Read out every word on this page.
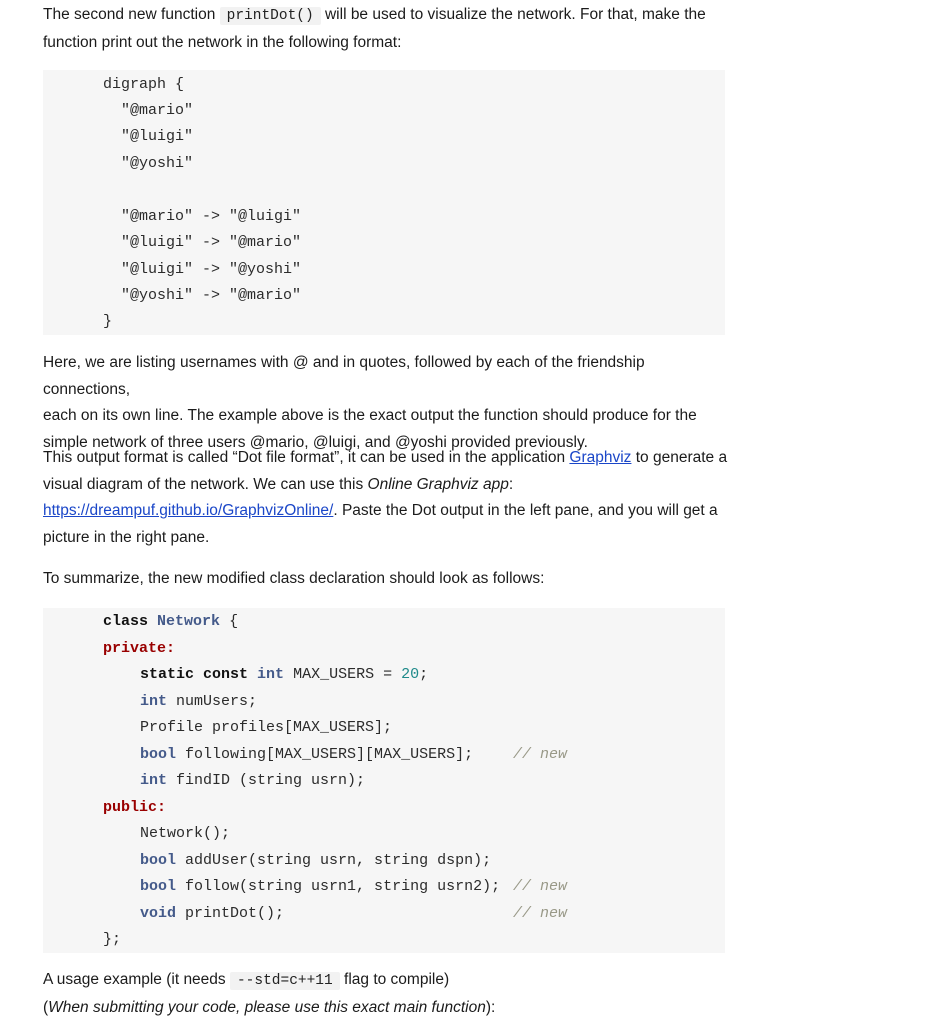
The second new function printDot() will be used to visualize the network. For that, make the
function print out the network in the following format:

digraph {
"@mario"
"@luigi"
"@yoshi"
"@mario" -> "@luigi"
"@luigi" -> "@mario"
"@luigi" -> "@yoshi"
"@yoshi" -> "@mario"
}

Here, we are listing usernames with @ and in quotes, followed by each of the friendship connections,
each on its own line. The example above is the exact output the function should produce for the
simple network of three users @mario, @luigi, and @yoshi provided previously.

This output format is called “Dot file format”, it can be used in the application Graphviz to generate a
visual diagram of the network. We can use this Online Graphviz app:
https://dreampuf.github.io/GraphvizOnline/. Paste the Dot output in the left pane, and you will get a
picture in the right pane.

To summarize, the new modified class declaration should look as follows:

class Network {
private:
static const int MAX_USERS = 20;
int numUsers;
Profile profiles[MAX_USERS];
bool following[MAX_USERS][MAX_USERS];	// new
int findID (string usrn);
public:
Network();
bool addUser(string usrn, string dspn);
bool follow(string usrn1, string usrn2); // new
void printDot();	// new
};

A usage example (it needs --std=c++11 flag to compile)
(When submitting your code, please use this exact main function):
